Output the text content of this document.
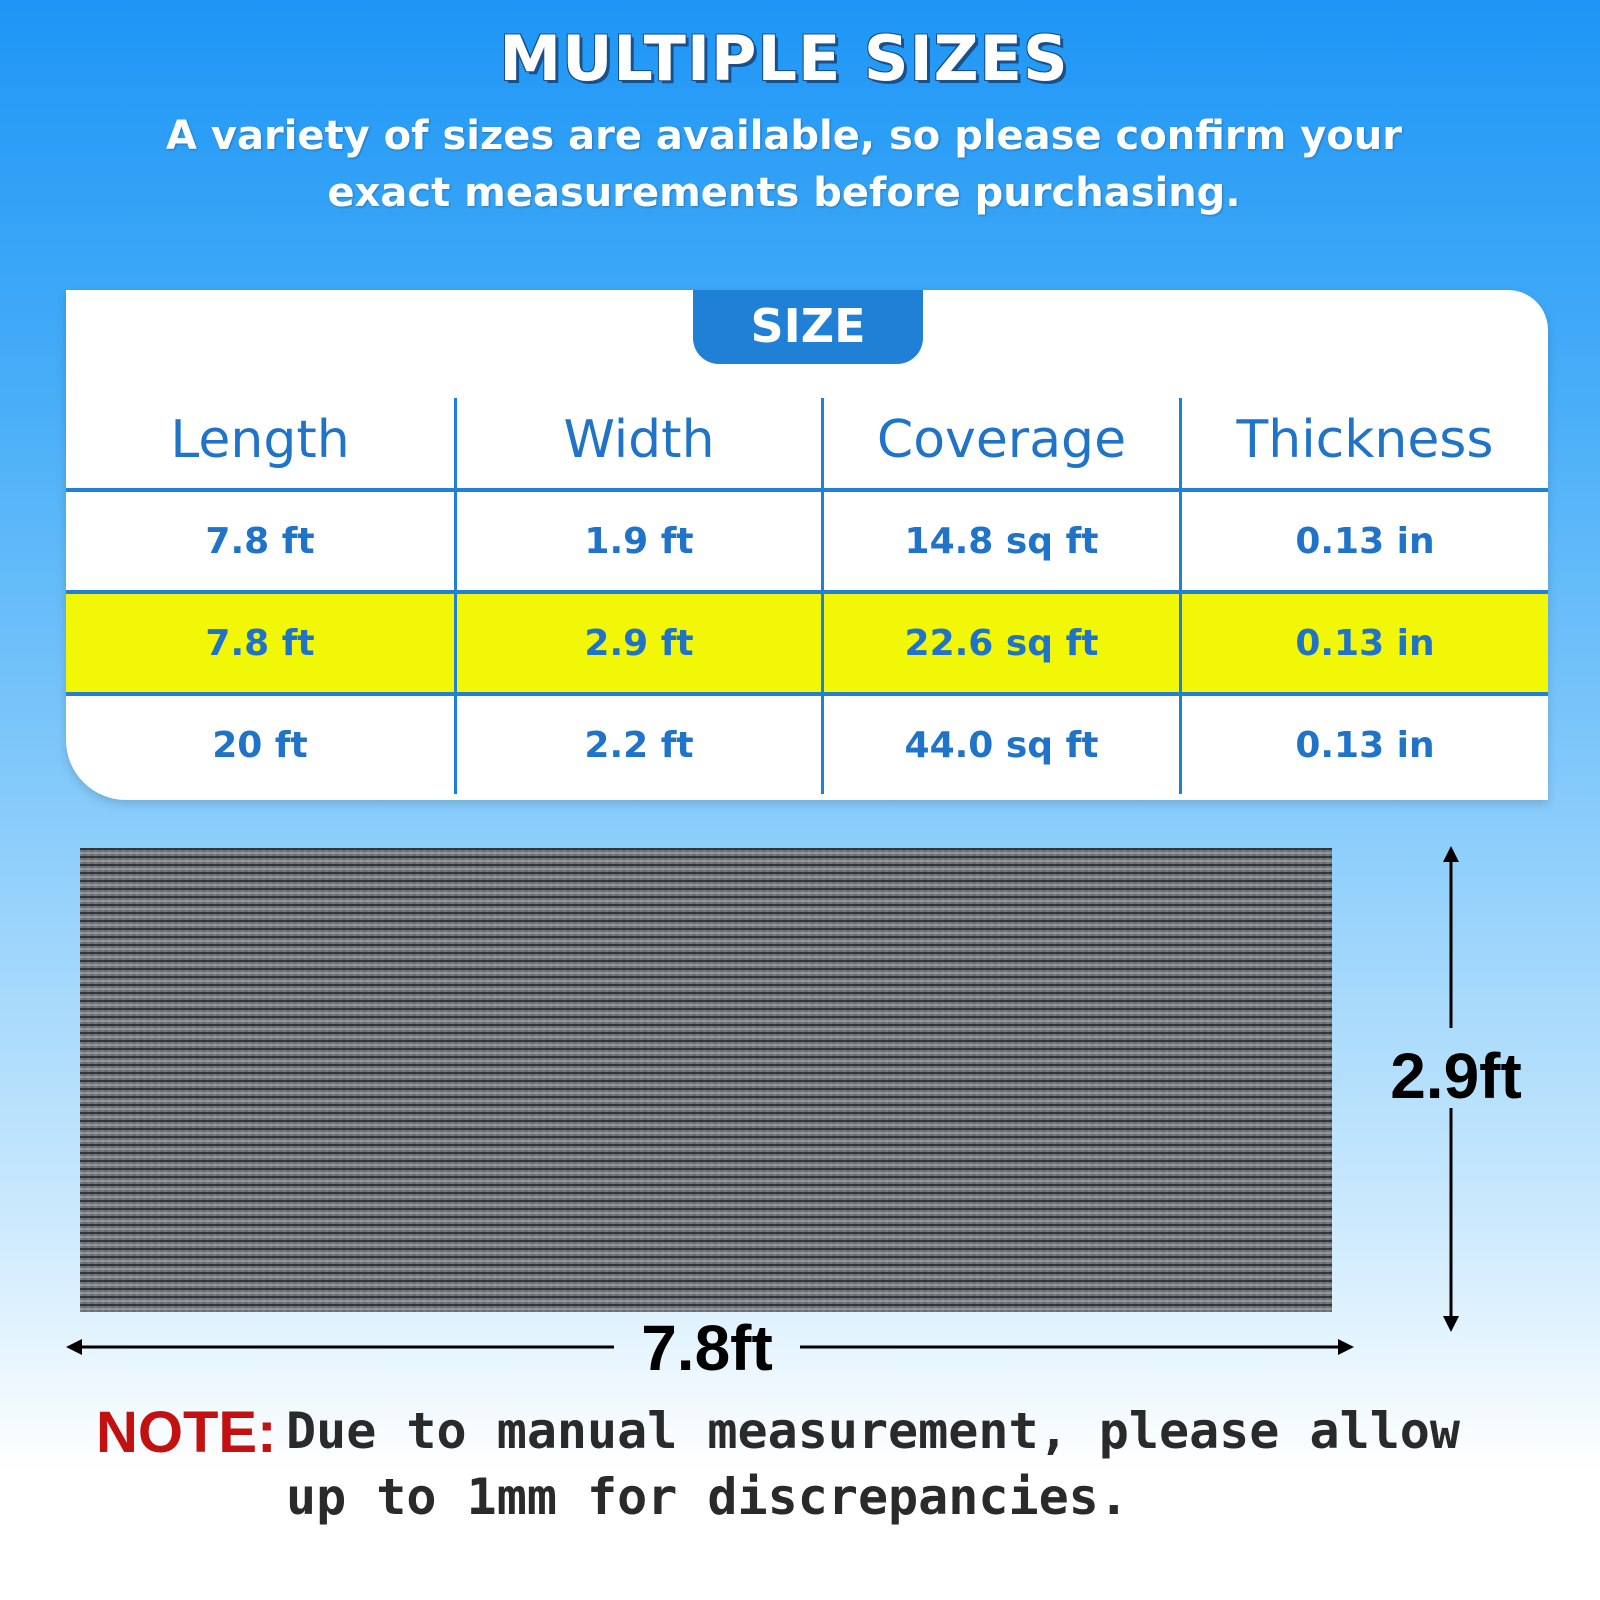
MULTIPLE SIZES
A variety of sizes are available, so please confirm your exact measurements before purchasing.
SIZE
Length	Width	Coverage	Thickness
7.8 ft	1.9 ft	14.8 sq ft	0.13 in
7.8 ft	2.9 ft	22.6 sq ft	0.13 in
20 ft	2.2 ft	44.0 sq ft	0.13 in
2.9ft
7.8ft
NOTE: Due to manual measurement, please allow up to 1mm for discrepancies.
